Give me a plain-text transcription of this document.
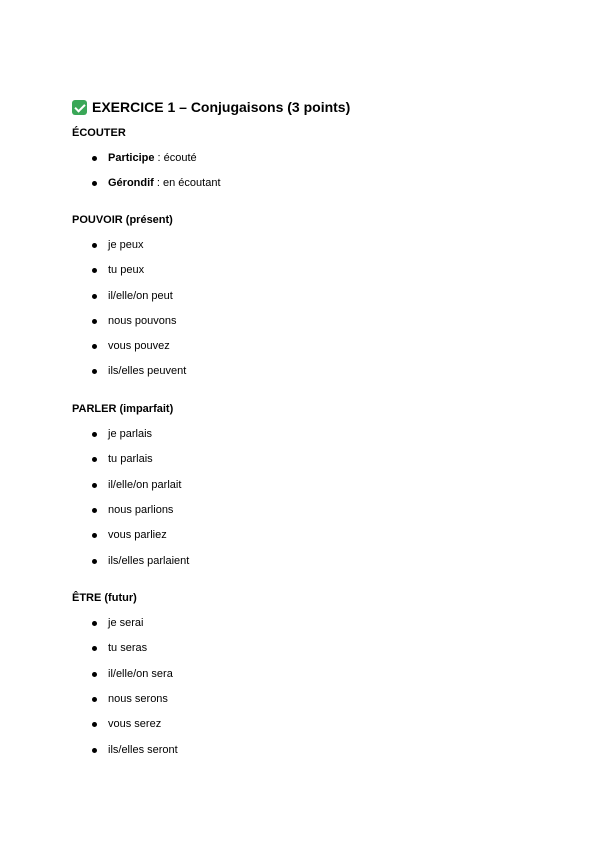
EXERCICE 1 – Conjugaisons (3 points)
ÉCOUTER
Participe : écouté
Gérondif : en écoutant
POUVOIR (présent)
je peux
tu peux
il/elle/on peut
nous pouvons
vous pouvez
ils/elles peuvent
PARLER (imparfait)
je parlais
tu parlais
il/elle/on parlait
nous parlions
vous parliez
ils/elles parlaient
ÊTRE (futur)
je serai
tu seras
il/elle/on sera
nous serons
vous serez
ils/elles seront
